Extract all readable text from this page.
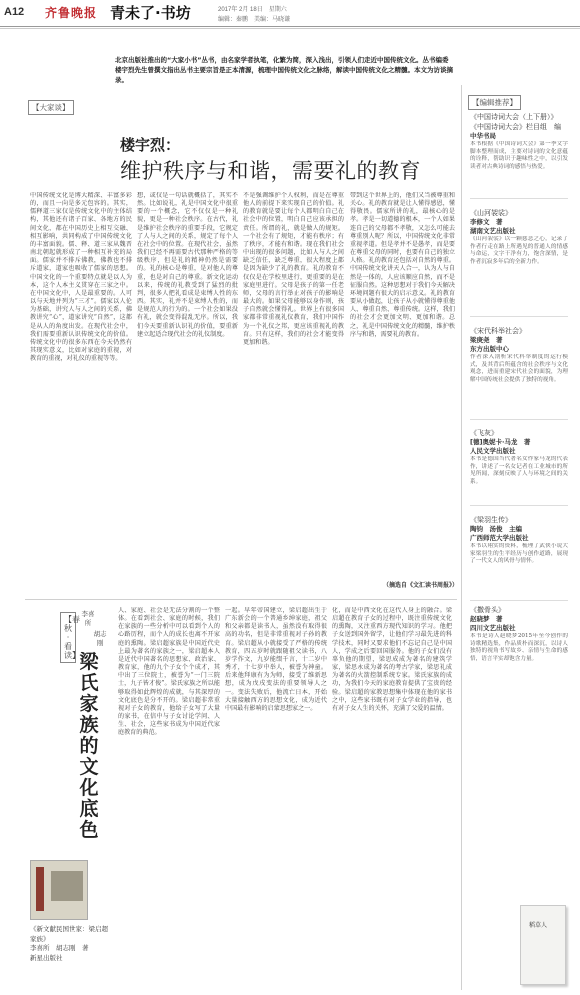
A12 齐鲁晚报 青未了·书坊	2017年 2月 18日　星期六
编辑：秦鹏　美编：马晓谦
北京出版社推出的“大家小书”丛书，由名家学者执笔，化繁为简，深入浅出，引领人们走近中国传统文化。丛书编委楼宇烈先生曾撰文指出丛书主要宗旨是正本清源，梳理中国传统文化之脉络，解读中国传统文化之精髓。本文为访谈摘录。
【大家谈】
楼宇烈：
维护秩序与和谐，需要礼的教育
中国传统文化是博大精深、丰富多彩的，而且一向是多元包容的。其实，儒释道三家仅是传统文化中的主体结构，其他还有诸子百家、各地方的民间文化，都在中国历史上相互交融、相互影响，共同构成了中国传统文化的丰富面貌。儒、释、道三家从魏晋南北朝起就形成了一种相互补充的局面。儒家并不排斥佛教，佛教也不排斥道家，道家也吸收了儒家的思想。中国文化的一个重要特点就是以人为本，这个人本主义贯穿在三家之中。在中国文化中，人是最重要的。人可以与天地并列为“三才”。儒家以人伦为基础，讲究人与人之间的关系，佛教讲究“心”，道家讲究“自然”，这都是从人的角度出发。在现代社会中，我们需要重新认识传统文化的价值。传统文化中的很多东西在今天仍然有其现实意义，比如对家庭的重视，对教育的重视，对礼仪的重视等等。
想，或仅是一句话就概括了，其实不然。比如说礼，礼是中国文化中很重要的一个概念，它不仅仅是一种礼貌，更是一种社会秩序。在古代，礼是维护社会秩序的重要手段，它规定了人与人之间的关系，规定了每个人在社会中的位置。在现代社会，虽然我们已经不再需要古代那种严格的等级秩序，但是礼的精神仍然是需要的。礼的核心是尊重，是对他人的尊重，也是对自己的尊重。新文化运动以来，传统的礼教受到了猛烈的批判，很多人把礼看成是束缚人性的东西。其实，礼并不是束缚人性的，而是规范人的行为的。一个社会如果没有礼，就会变得混乱无序。所以，我们今天要重新认识礼的价值，要重新建立起适合现代社会的礼仪制度。
不是强调维护个人权利，而是在尊重他人的前提下来实现自己的价值。礼的教育就是要让每个人都明白自己在社会中的位置，明白自己应该承担的责任。所谓的礼，就是做人的规矩。一个社会有了规矩，才能有秩序；有了秩序，才能有和谐。现在我们社会中出现的很多问题，比如人与人之间缺乏信任，缺乏尊重，很大程度上都是因为缺少了礼的教育。礼的教育不仅仅是在学校里进行，更重要的是在家庭里进行。父母是孩子的第一任老师，父母的言行举止对孩子的影响是最大的。如果父母能够以身作则，孩子自然就会懂得礼。世界上有很多国家都非常重视礼仪教育，我们中国作为一个礼仪之邦，更应该重视礼的教育。只有这样，我们的社会才能变得更加和谐。
带到这个世界上的，他们又当被尊重和关心。礼的教育就是让人懂得感恩，懂得敬畏。儒家所讲的礼，最核心的是孝。孝是一切道德的根本，一个人如果连自己的父母都不孝敬，又怎么可能去尊重别人呢？所以，中国传统文化非常重视孝道。但是孝并不是愚孝，而是要在尊重父母的同时，也要有自己的独立人格。礼的教育还包括对自然的尊重。中国传统文化讲天人合一，认为人与自然是一体的，人应该顺应自然，而不是征服自然。这种思想对于我们今天解决环境问题有很大的启示意义。礼的教育要从小做起，让孩子从小就懂得尊重他人、尊重自然、尊重传统。这样，我们的社会才会更加文明、更加和谐。总之，礼是中国传统文化的精髓，维护秩序与和谐，需要礼的教育。
（摘选自《文汇读书周报》）
【编辑推荐】
《中国诗词大会（上下册）》
《中国诗词大会》栏目组　编
中华书局
本书根据《中国诗词大会》第一季文字脚本整理而成，主要对诗词的文化意蕴的诠释，帮助识于趣味性之中，以引发读者对古典诗词的感悟与热爱。
《山河袈裟》
李修文　著
湖南文艺出版社
《山河袈裟》以一颗慈悲之心，记录了作者行走在路上所遇见的普通人的情感与命运，文字干净有力，饱含深情，是作者沉寂多年后的全新力作。
《宋代科举社会》
梁庚尧　著
东方出版中心
作者深入剖析宋代科举制度的运行模式，及其背后所蕴含的社会秩序与文化观念，进而重建宋代社会的面貌，为理解中国传统社会提供了独特的视角。
《飞灰》
[德]奥妮卡·马龙　著
人民文学出版社
本书是德国当代著名女作家马龙的代表作，讲述了一名女记者在工业城市的所见所闻，深刻反映了人与环境之间的关系。
《梁羽生传》
陶钧　汤俊　主编
广西师范大学出版社
本书以翔实的资料，梳理了武侠小说大家梁羽生的生平经历与创作道路，展现了一代文人的风骨与情怀。
《撒骨头》
赵晓梦　著
四川文艺出版社
本书是诗人赵晓梦2015年至今创作的诗歌精选集，作品质朴而深沉，以诗人独特的视角书写故乡、亲情与生命的感悟，语言平实却饱含力量。
稻草人
【春秋 · 看读】
李喜所
胡志刚
梁氏家族的文化底色
《新文献民国世家：梁启超家族》
李喜所　胡志刚　著
新星出版社
人、家庭、社会是无法分割的一个整体。在看到社会、家庭的时候，我们在家族的一些分析中可以看到个人的心路历程，而个人的成长也离不开家庭的熏陶。梁启超家族是中国近代史上最为著名的家族之一，梁启超本人是近代中国著名的思想家、政治家、教育家，他的九个子女个个成才，其中出了三位院士，被誉为“一门三院士，九子皆才俊”。梁氏家族之所以能够取得如此辉煌的成就，与其深厚的文化底色是分不开的。梁启超非常重视对子女的教育，他给子女写了大量的家书，在信中与子女讨论学问、人生、社会，这些家书成为中国近代家庭教育的典范。
一起。早年帝国建立，梁启超出生于广东新会的一个普通乡绅家庭，祖父和父亲都是读书人，虽然没有取得很高的功名，但是非常重视对子孙的教育。梁启超从小就接受了严格的传统教育，四五岁时就跟随祖父读书，八岁学作文，九岁能缀千言，十二岁中秀才，十七岁中举人，被誉为神童。后来他拜康有为为师，接受了维新思想，成为戊戌变法的重要领导人之一。变法失败后，他流亡日本，开始大量接触西方的思想文化，成为近代中国最有影响的启蒙思想家之一。
化，而是中西文化在这代人身上的融合。梁启超在教育子女的过程中，既注重传统文化的熏陶，又注重西方现代知识的学习。他把子女送到国外留学，让他们学习最先进的科学技术，同时又要求他们不忘记自己是中国人，学成之后要回国服务。他的子女们没有辜负他的期望，梁思成成为著名的建筑学家，梁思永成为著名的考古学家，梁思礼成为著名的火箭控制系统专家。梁氏家族的成功，为我们今天的家庭教育提供了宝贵的经验。梁启超的家教思想集中体现在他的家书之中，这些家书既有对子女学业的指导，也有对子女人生的关怀，充满了父爱的温情。
